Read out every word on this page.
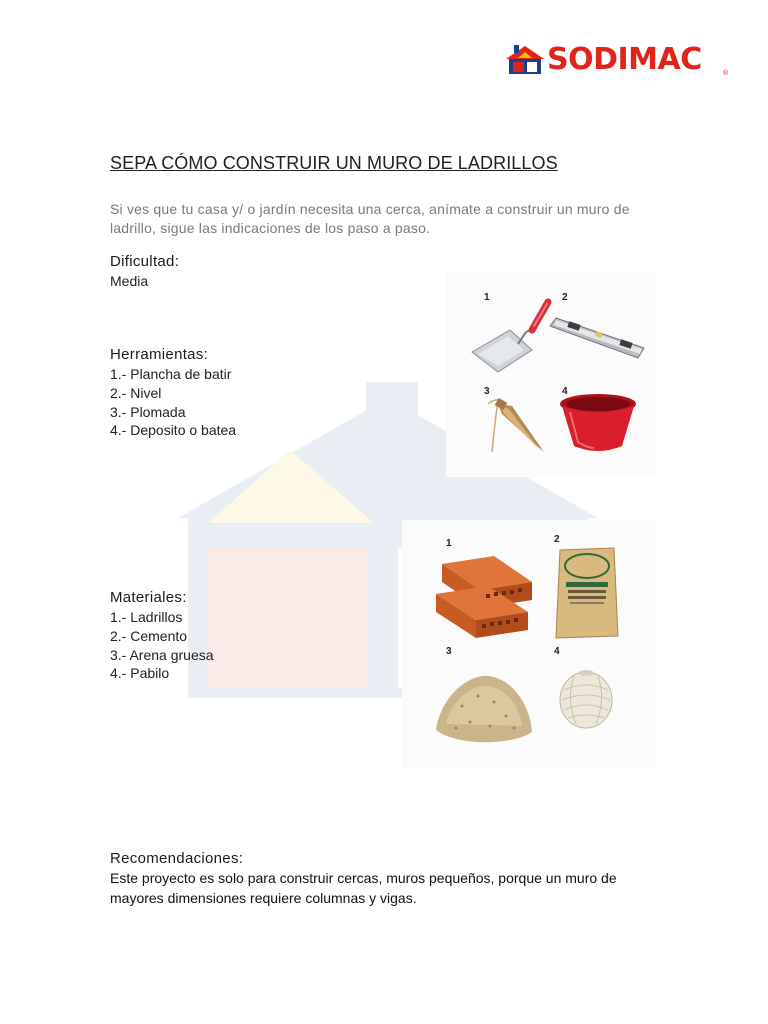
SODIMAC	®
SEPA CÓMO CONSTRUIR UN MURO DE LADRILLOS
Si ves que tu casa y/ o jardín necesita una cerca, anímate a construir un muro de ladrillo, sigue las indicaciones de los paso a paso.
Dificultad:
Media
Herramientas:
1.- Plancha de batir
2.- Nivel
3.- Plomada
4.- Deposito o batea
Materiales:
1.- Ladrillos
2.- Cemento
3.- Arena gruesa
4.- Pabilo
1	2
3	4
1	2
3	4
Recomendaciones:
Este proyecto es solo para construir cercas, muros pequeños, porque un muro de mayores dimensiones requiere columnas y vigas.
